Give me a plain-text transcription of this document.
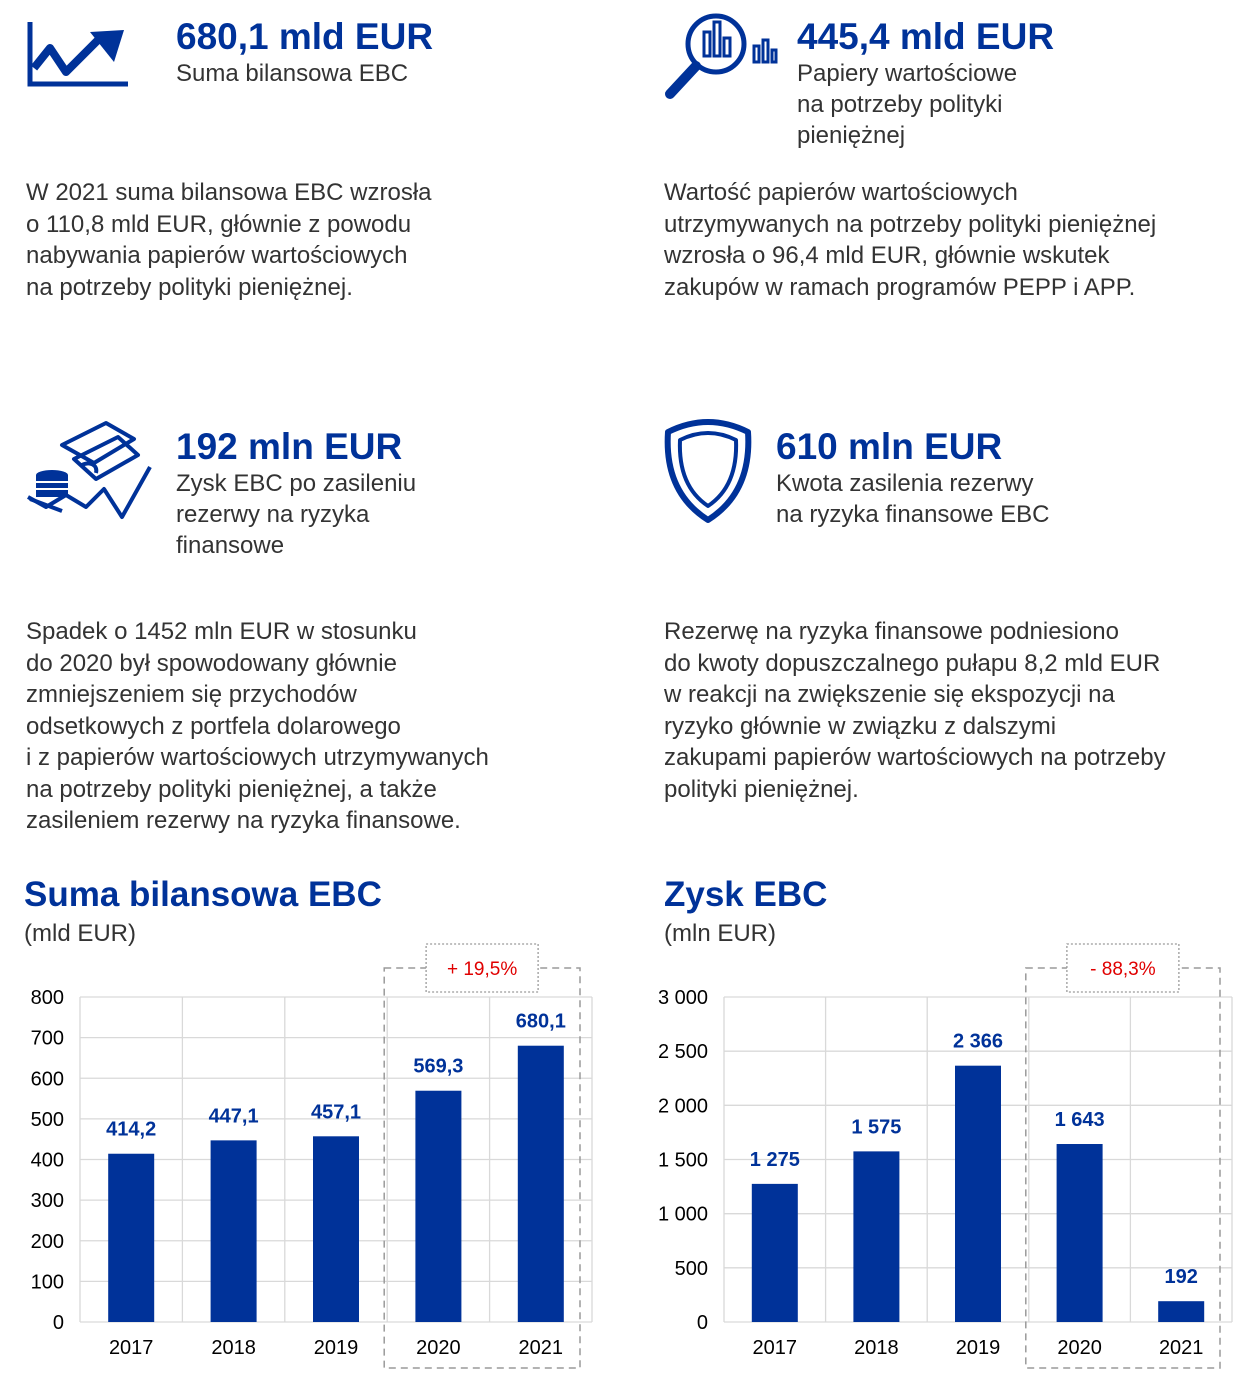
680,1 mld EUR
Suma bilansowa EBC
W 2021 suma bilansowa EBC wzrosła
o 110,8 mld EUR, głównie z powodu
nabywania papierów wartościowych
na potrzeby polityki pieniężnej.
445,4 mld EUR
Papiery wartościowe
na potrzeby polityki
pieniężnej
Wartość papierów wartościowych
utrzymywanych na potrzeby polityki pieniężnej
wzrosła o 96,4 mld EUR, głównie wskutek
zakupów w ramach programów PEPP i APP.
192 mln EUR
Zysk EBC po zasileniu
rezerwy na ryzyka
finansowe
Spadek o 1452 mln EUR w stosunku
do 2020 był spowodowany głównie
zmniejszeniem się przychodów
odsetkowych z portfela dolarowego
i z papierów wartościowych utrzymywanych
na potrzeby polityki pieniężnej, a także
zasileniem rezerwy na ryzyka finansowe.
610 mln EUR
Kwota zasilenia rezerwy
na ryzyka finansowe EBC
Rezerwę na ryzyka finansowe podniesiono
do kwoty dopuszczalnego pułapu 8,2 mld EUR
w reakcji na zwiększenie się ekspozycji na
ryzyko głównie w związku z dalszymi
zakupami papierów wartościowych na potrzeby
polityki pieniężnej.
Suma bilansowa EBC
(mld EUR)
0
100
200
300
400
500
600
700
800
414,2
2017
447,1
2018
457,1
2019
569,3
2020
680,1
2021
+ 19,5%
Zysk EBC
(mln EUR)
0
500
1 000
1 500
2 000
2 500
3 000
1 275
2017
1 575
2018
2 366
2019
1 643
2020
192
2021
- 88,3%
